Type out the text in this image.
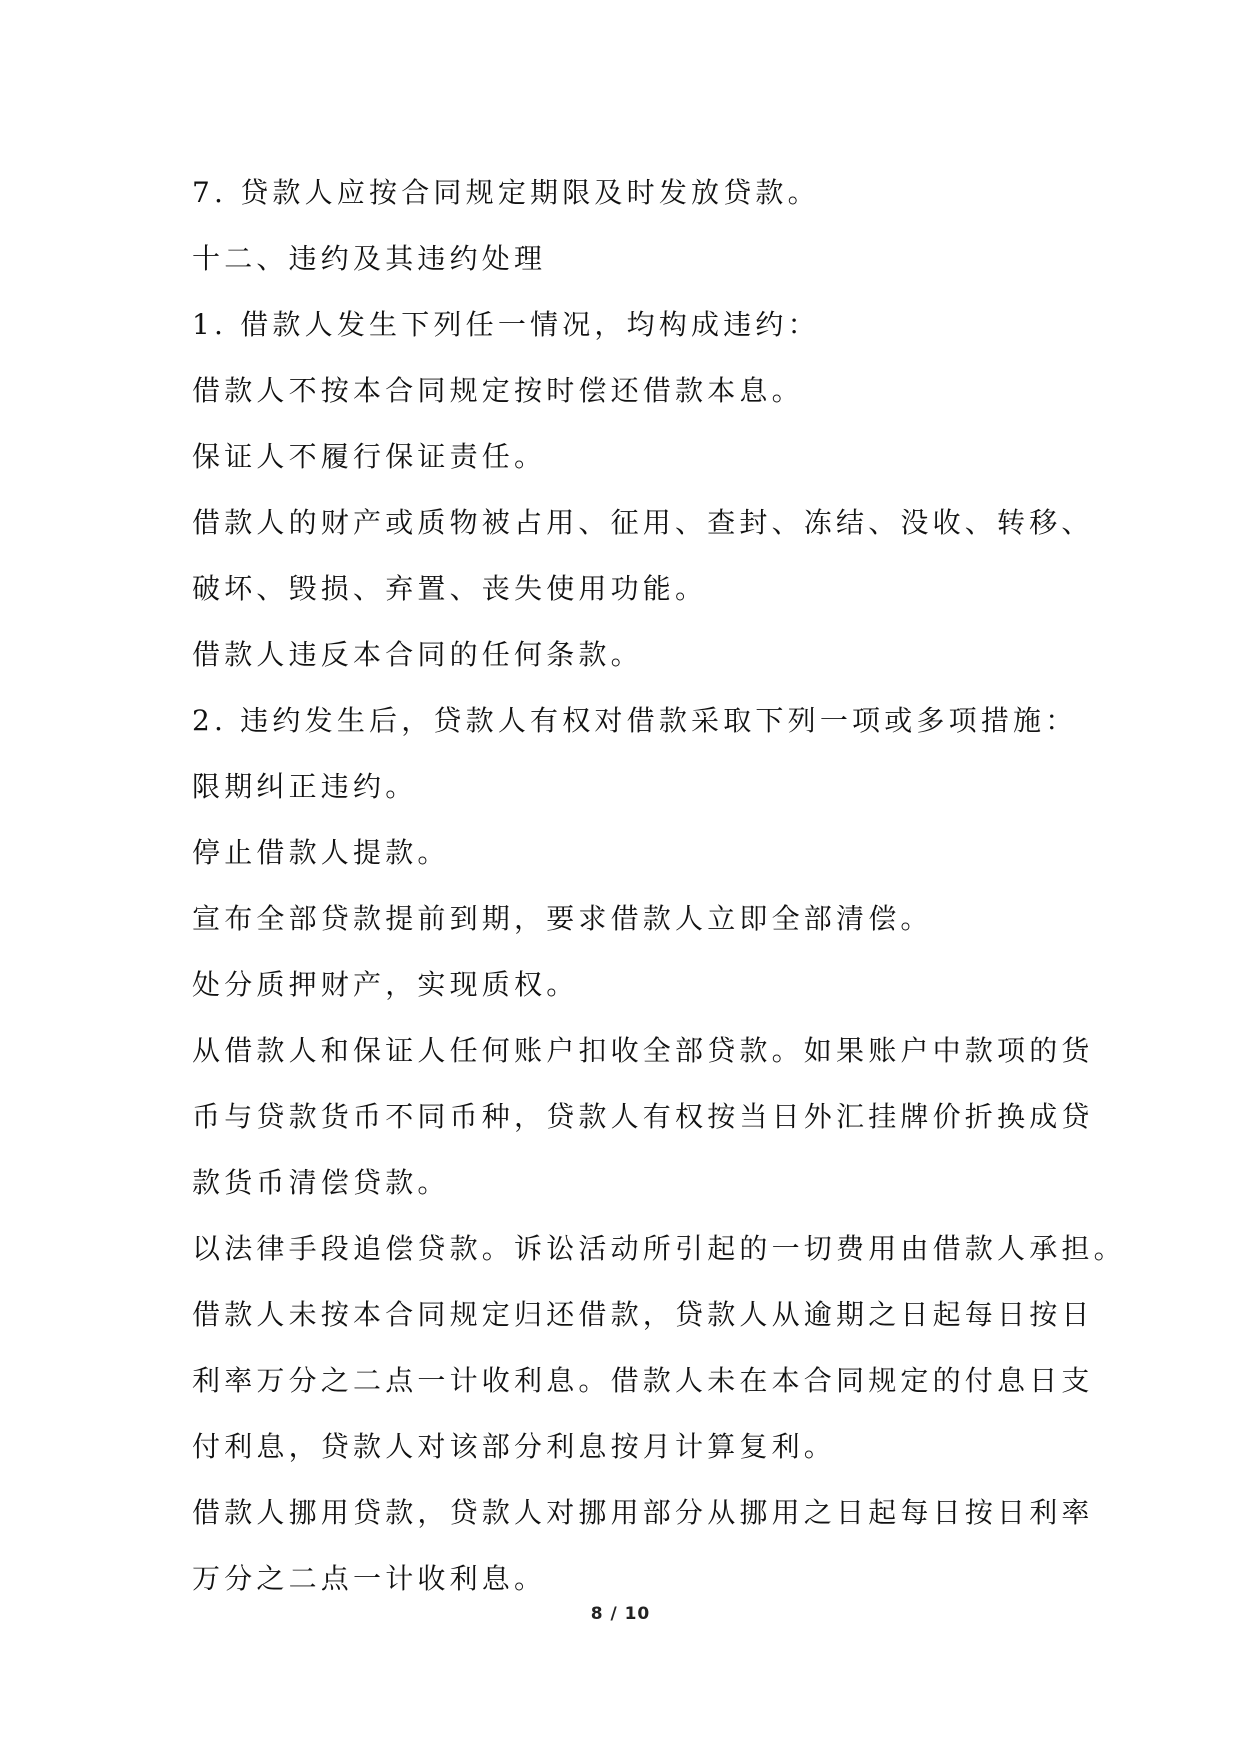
7. 贷款人应按合同规定期限及时发放贷款。
十二、违约及其违约处理
1. 借款人发生下列任一情况，均构成违约：
借款人不按本合同规定按时偿还借款本息。
保证人不履行保证责任。
借款人的财产或质物被占用、征用、查封、冻结、没收、转移、
破坏、毁损、弃置、丧失使用功能。
借款人违反本合同的任何条款。
2. 违约发生后，贷款人有权对借款采取下列一项或多项措施：
限期纠正违约。
停止借款人提款。
宣布全部贷款提前到期，要求借款人立即全部清偿。
处分质押财产，实现质权。
从借款人和保证人任何账户扣收全部贷款。如果账户中款项的货
币与贷款货币不同币种，贷款人有权按当日外汇挂牌价折换成贷
款货币清偿贷款。
以法律手段追偿贷款。诉讼活动所引起的一切费用由借款人承担。
借款人未按本合同规定归还借款，贷款人从逾期之日起每日按日
利率万分之二点一计收利息。借款人未在本合同规定的付息日支
付利息，贷款人对该部分利息按月计算复利。
借款人挪用贷款，贷款人对挪用部分从挪用之日起每日按日利率
万分之二点一计收利息。
8 / 10
